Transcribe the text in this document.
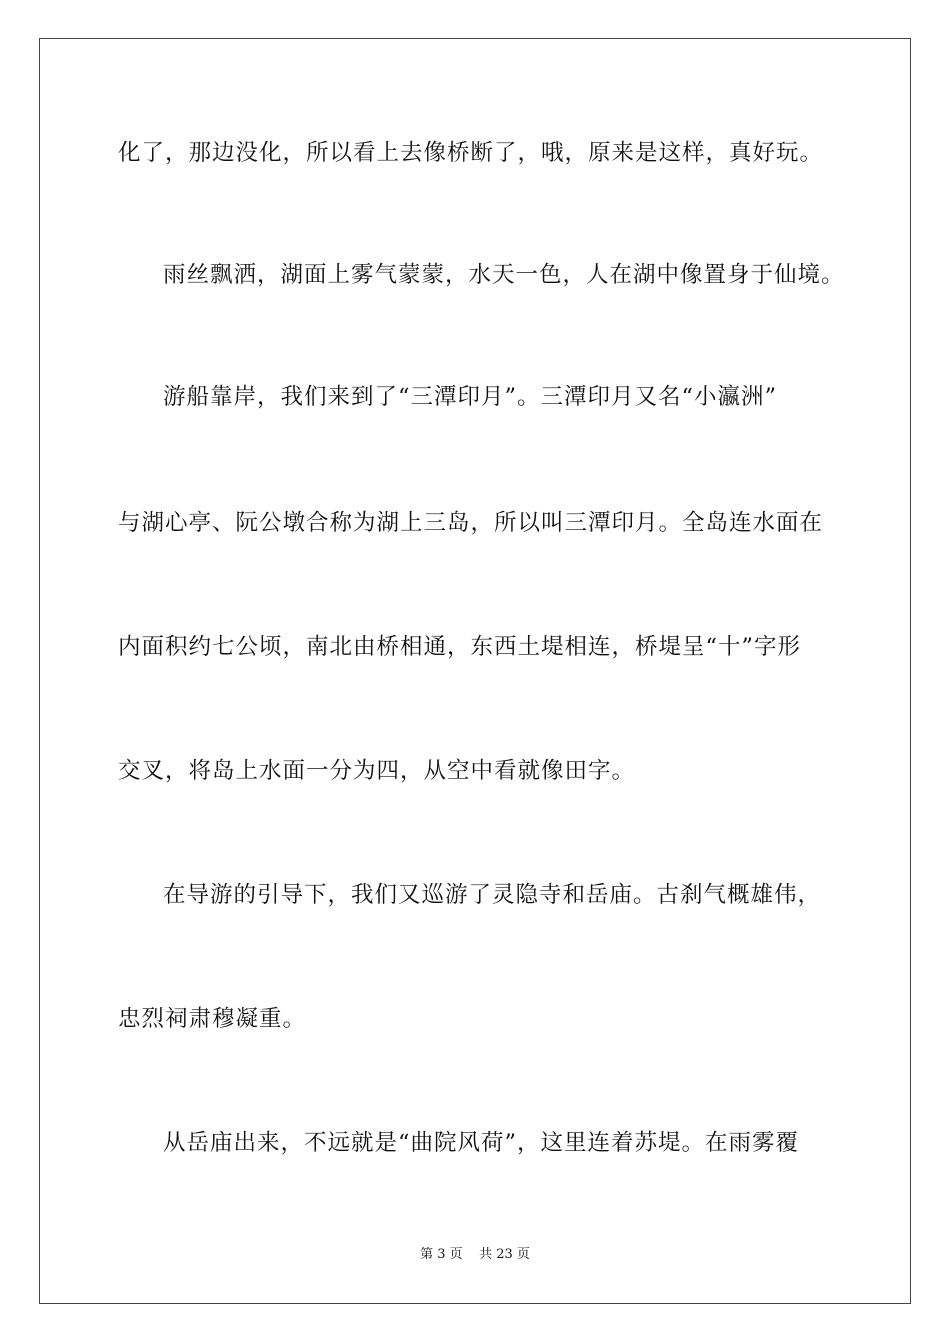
化了，那边没化，所以看上去像桥断了，哦，原来是这样，真好玩。
雨丝飘洒，湖面上雾气蒙蒙，水天一色，人在湖中像置身于仙境。
游船靠岸，我们来到了“三潭印月”。三潭印月又名“小瀛洲”
与湖心亭、阮公墩合称为湖上三岛，所以叫三潭印月。全岛连水面在
内面积约七公顷，南北由桥相通，东西土堤相连，桥堤呈“十”字形
交叉，将岛上水面一分为四，从空中看就像田字。
在导游的引导下，我们又巡游了灵隐寺和岳庙。古刹气概雄伟，
忠烈祠肃穆凝重。
从岳庙出来，不远就是“曲院风荷”，这里连着苏堤。在雨雾覆
第 3 页    共 23 页
